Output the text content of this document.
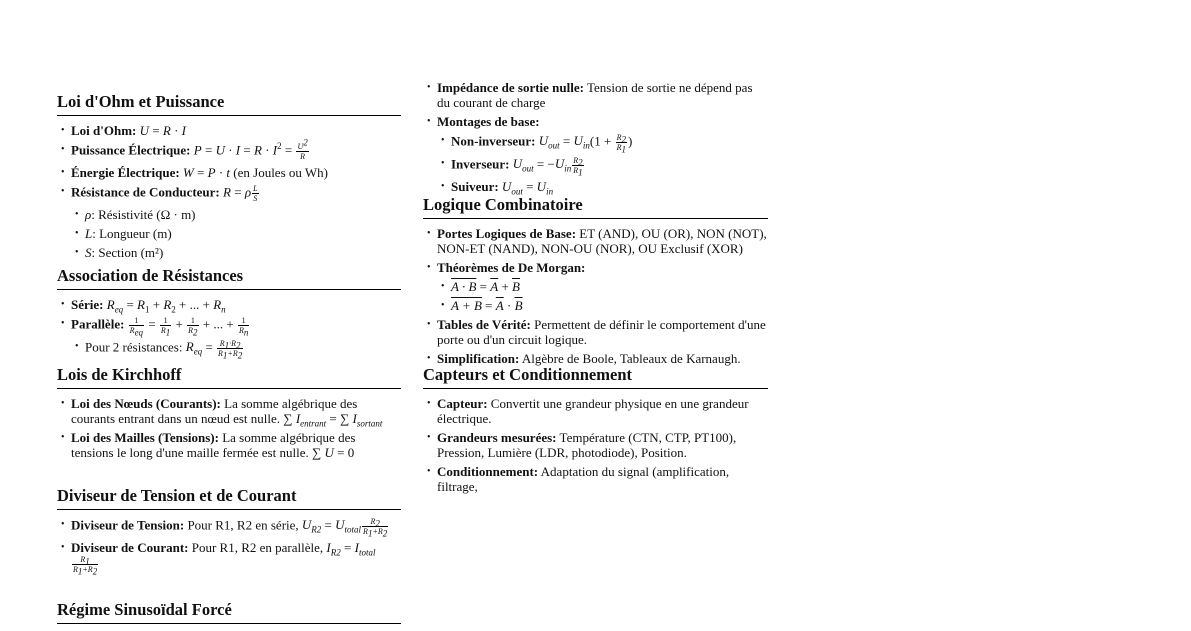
Loi d'Ohm et Puissance
• Loi d'Ohm: U = R · I
• Puissance Électrique: $P = U \cdot I = R \cdot I^2 = \frac{U^2}{R}$
• Énergie Électrique: W = P · t (en Joules ou Wh)
• Résistance de Conducteur: R = ρ $\frac{L}{S}$
• ρ: Résistivité (Ω · m)
• L: Longueur (m)
• S: Section (m²)
Association de Résistances
• Série: $R_{eq} = R_1 + R_2$ + ... + $R_n$
• Parallèle: $\frac{1}{R_{eq}} = \frac{1}{R_1} + \frac{1}{R_2}$ + ... + $\frac{1}{R_n}$
• Pour 2 résistances: $R_{eq} = \frac{R_1\cdot R_2}{R_1+R_2}$
Lois de Kirchhoff
• Loi des Nœuds (Courants): La somme algébrique des courants entrant dans un nœud est nulle. ∑ $I_{entrant}$ = ∑ $I_{sortant}$
• Loi des Mailles (Tensions): La somme algébrique des tensions le long d'une maille fermée est nulle. ∑ U = 0
Diviseur de Tension et de Courant
• Diviseur de Tension: Pour R1, R2 en série, $U_{R2} = U_{total} \frac{R_2}{R_1+R_2}$
• Diviseur de Courant: Pour R1, R2 en parallèle, $I_{R2} = I_{total}$
$\frac{R_1}{R_1+R_2}$
Régime Sinusoïdal Forcé
• Impédance de sortie nulle: Tension de sortie ne dépend pas du courant de charge
• Montages de base:
• Non-inverseur: $U_{out} = U_{in}(1 + \frac{R_2}{R_1}$ )
• Inverseur: $U_{out} = -U_{in} \frac{R_2}{R_1}$
• Suiveur: $U_{out} = U_{in}$
Logique Combinatoire
• Portes Logiques de Base: ET (AND), OU (OR), NON (NOT), NON-ET (NAND), NON-OU (NOR), OU Exclusif (XOR)
• Théorèmes de De Morgan:
• $A \cdot B = \overline{A} + \overline{B}$
• $A + B = \overline{A} \cdot \overline{B}$
• Tables de Vérité: Permettent de définir le comportement d'une porte ou d'un circuit logique.
• Simplification: Algèbre de Boole, Tableaux de Karnaugh.
Capteurs et Conditionnement
• Capteur: Convertit une grandeur physique en une grandeur électrique.
• Grandeurs mesurées: Température (CTN, CTP, PT100), Pression, Lumière (LDR, photodiode), Position.
• Conditionnement: Adaptation du signal (amplification, filtrage,
